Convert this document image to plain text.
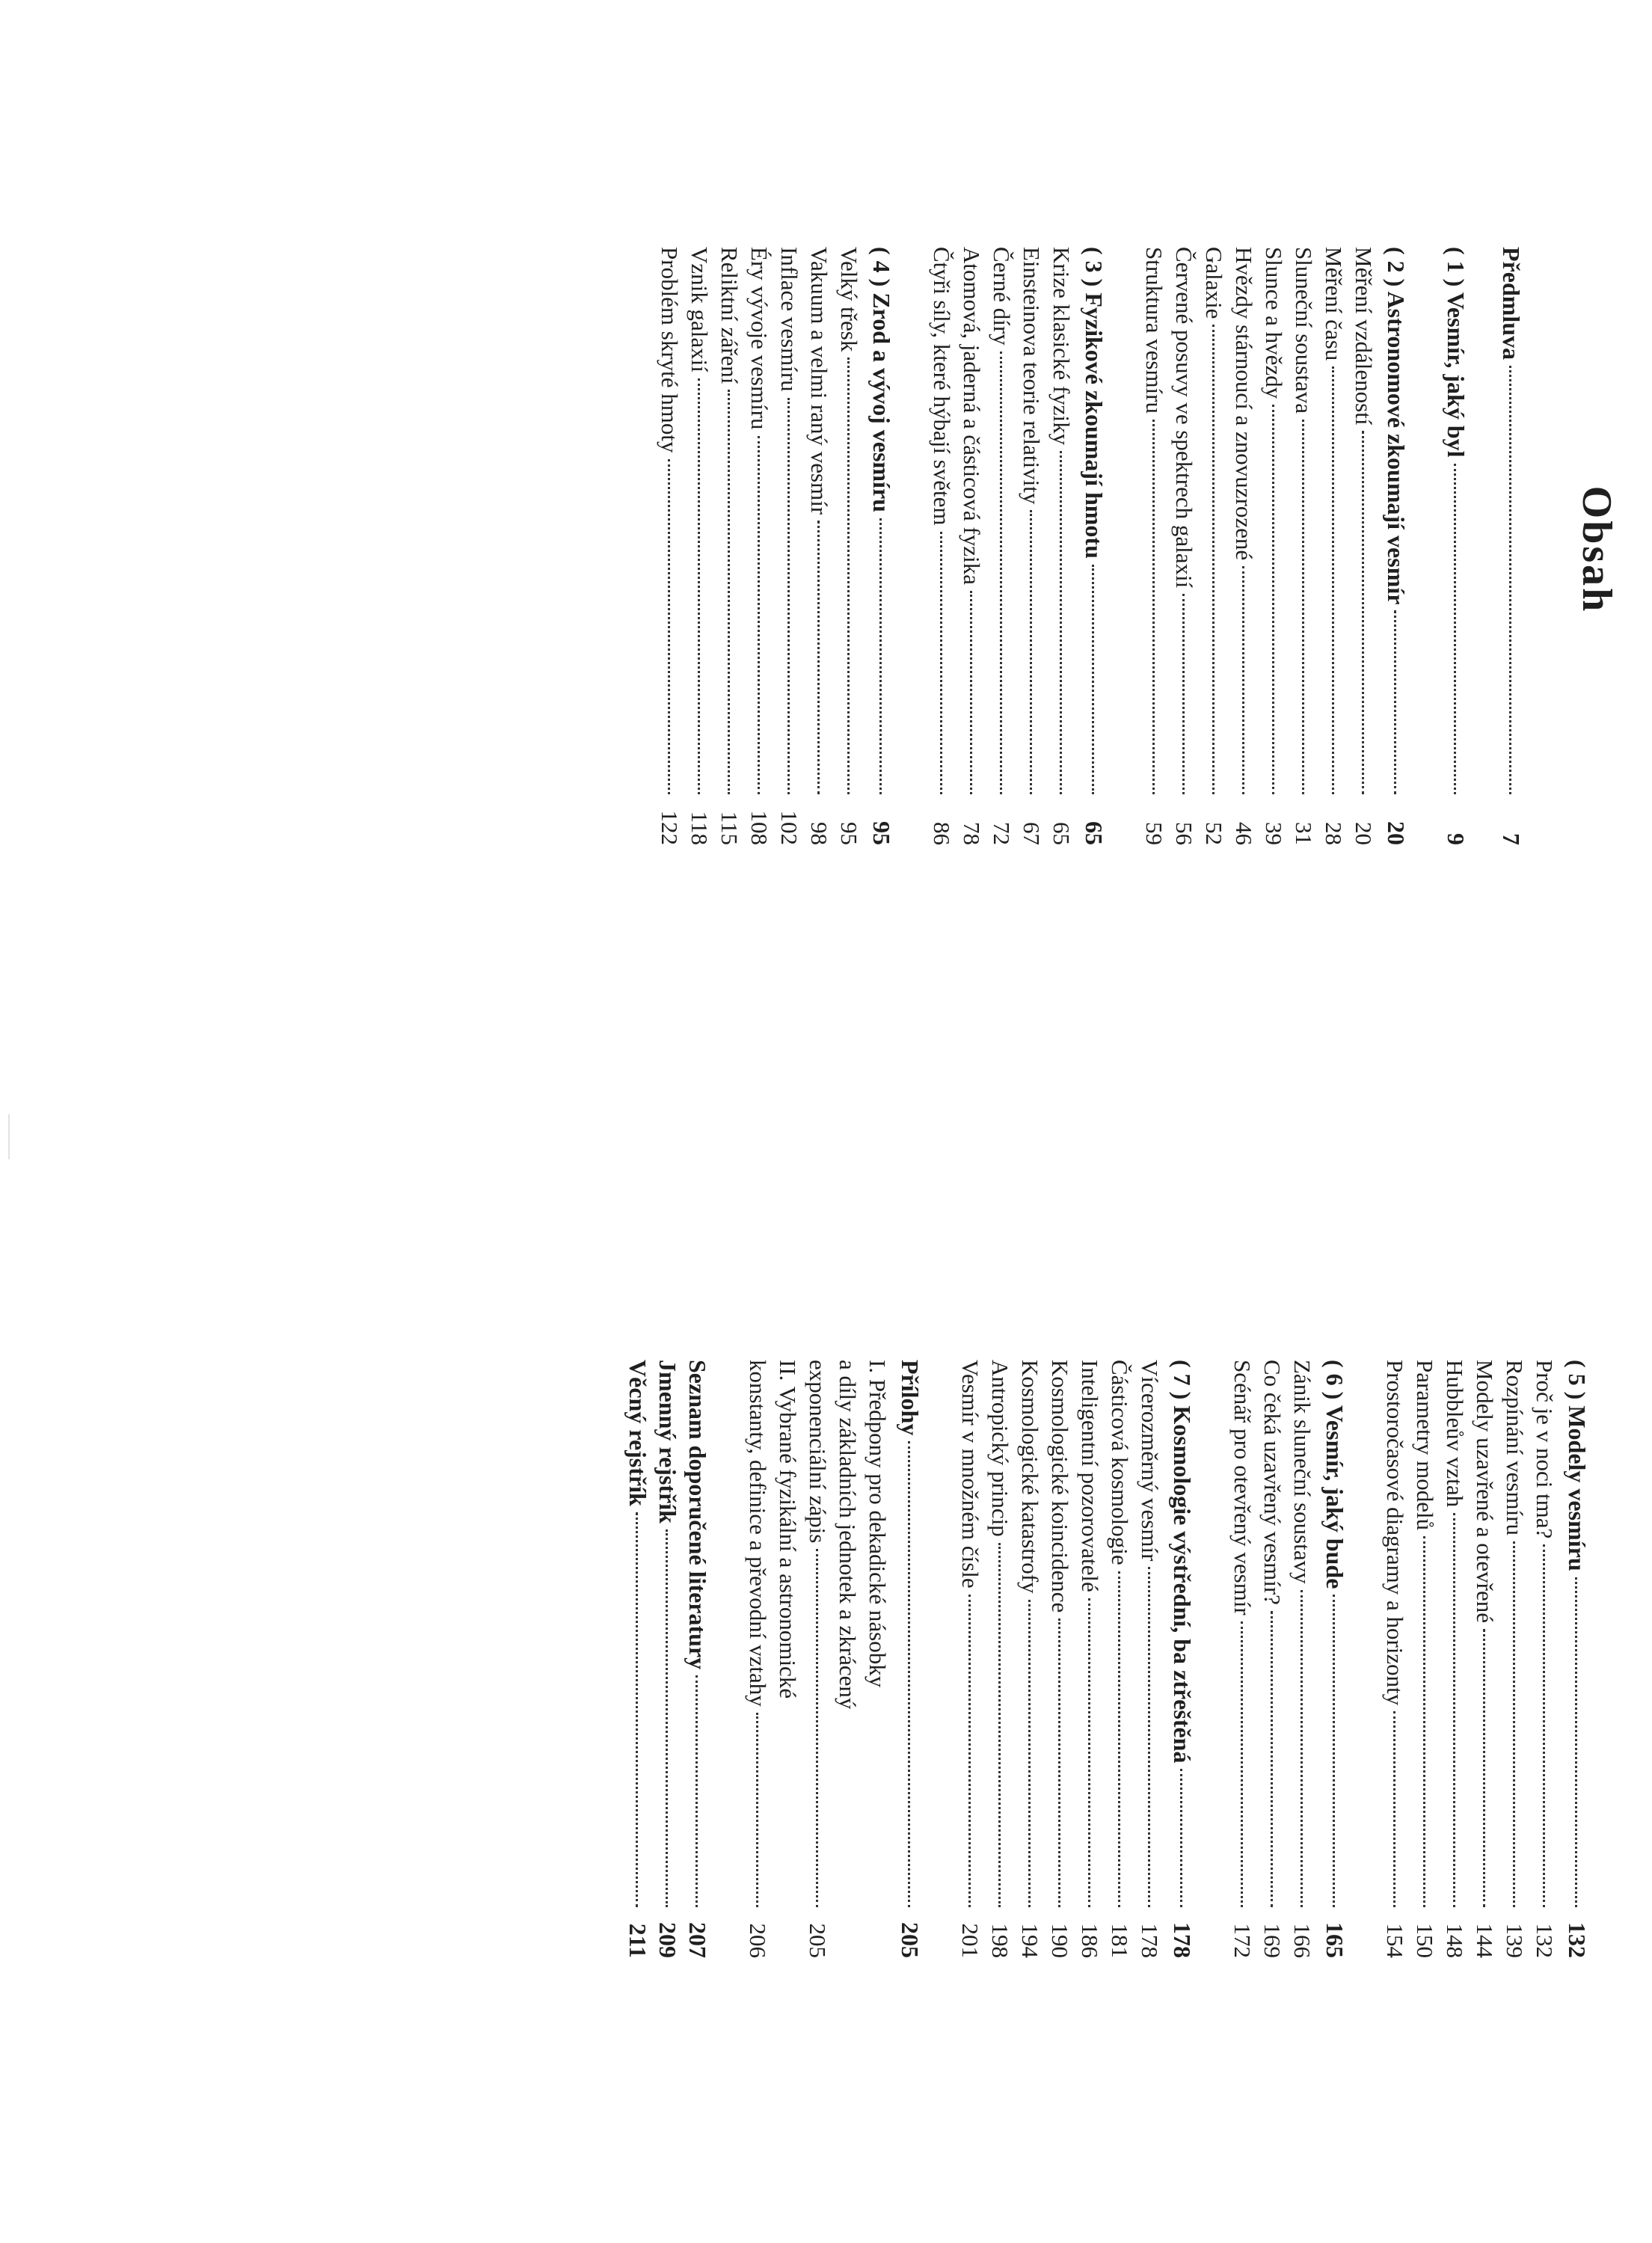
Obsah
Předmluva
7
( 1 ) Vesmír, jaký byl
9
( 2 ) Astronomové zkoumají vesmír
20
Měření vzdáleností
20
Měření času
28
Sluneční soustava
31
Slunce a hvězdy
39
Hvězdy stárnoucí a znovuzrozené
46
Galaxie
52
Červené posuvy ve spektrech galaxií
56
Struktura vesmíru
59
( 3 ) Fyzikové zkoumají hmotu
65
Krize klasické fyziky
65
Einsteinova teorie relativity
67
Černé díry
72
Atomová, jaderná a částicová fyzika
78
Čtyři síly, které hýbají světem
86
( 4 ) Zrod a vývoj vesmíru
95
Velký třesk
95
Vakuum a velmi raný vesmír
98
Inflace vesmíru
102
Éry vývoje vesmíru
108
Reliktní záření
115
Vznik galaxií
118
Problém skryté hmoty
122
( 5 ) Modely vesmíru
132
Proč je v noci tma?
132
Rozpínání vesmíru
139
Modely uzavřené a otevřené
144
Hubbleův vztah
148
Parametry modelů
150
Prostoročasové diagramy a horizonty
154
( 6 ) Vesmír, jaký bude
165
Zánik sluneční soustavy
166
Co čeká uzavřený vesmír?
169
Scénář pro otevřený vesmír
172
( 7 ) Kosmologie výstřední, ba ztřeštěná
178
Vícerozměrný vesmír
178
Částicová kosmologie
181
Inteligentní pozorovatelé
186
Kosmologické koincidence
190
Kosmologické katastrofy
194
Antropický princip
198
Vesmír v množném čísle
201
Přílohy
205
I. Předpony pro dekadické násobky
a díly základních jednotek a zkrácený
exponenciální zápis
205
II. Vybrané fyzikální a astronomické
konstanty, definice a převodní vztahy
206
Seznam doporučené literatury
207
Jmenný rejstřík
209
Věcný rejstřík
211
